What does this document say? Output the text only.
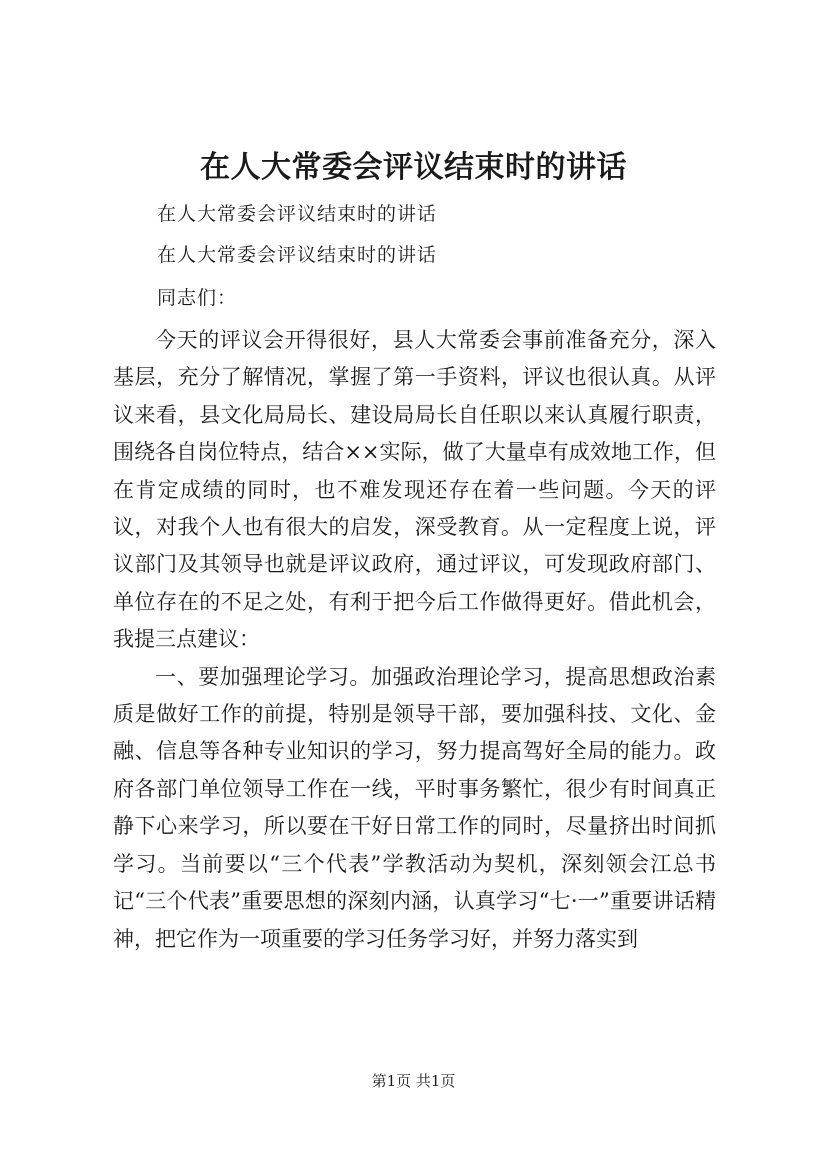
在人大常委会评议结束时的讲话
在人大常委会评议结束时的讲话
在人大常委会评议结束时的讲话
同志们：

今天的评议会开得很好，县人大常委会事前准备充分，深入基层，充分了解情况，掌握了第一手资料，评议也很认真。从评议来看，县文化局局长、建设局局长自任职以来认真履行职责，围绕各自岗位特点，结合××实际，做了大量卓有成效地工作，但在肯定成绩的同时，也不难发现还存在着一些问题。今天的评议，对我个人也有很大的启发，深受教育。从一定程度上说，评议部门及其领导也就是评议政府，通过评议，可发现政府部门、单位存在的不足之处，有利于把今后工作做得更好。借此机会，我提三点建议：

一、要加强理论学习。加强政治理论学习，提高思想政治素质是做好工作的前提，特别是领导干部，要加强科技、文化、金融、信息等各种专业知识的学习，努力提高驾好全局的能力。政府各部门单位领导工作在一线，平时事务繁忙，很少有时间真正静下心来学习，所以要在干好日常工作的同时，尽量挤出时间抓学习。当前要以“三个代表”学教活动为契机，深刻领会江总书记“三个代表”重要思想的深刻内涵，认真学习“七·一”重要讲话精神，把它作为一项重要的学习任务学习好，并努力落实到

第1页 共1页
